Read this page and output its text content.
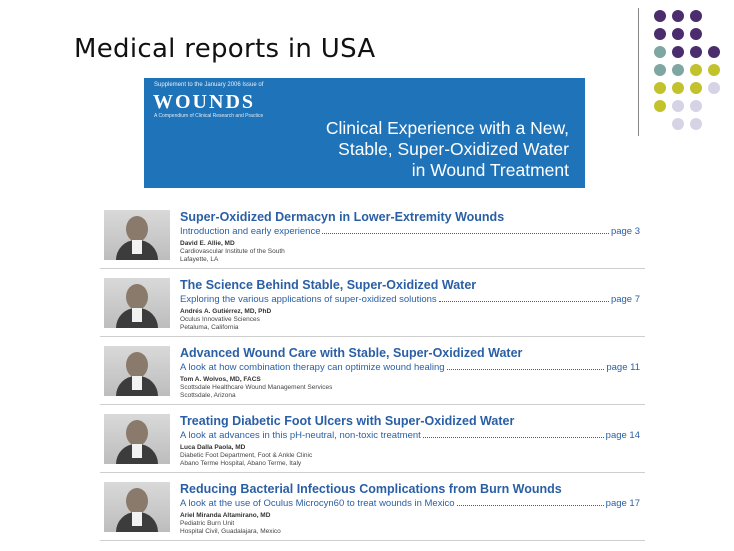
Medical reports in USA
Supplement to the January 2006 Issue of
WOUNDS
A Compendium of Clinical Research and Practice
Clinical Experience with a New,
Stable, Super-Oxidized Water
in Wound Treatment
Super-Oxidized Dermacyn in Lower-Extremity Wounds
Introduction and early experience	page 3
David E. Allie, MD
Cardiovascular Institute of the South
Lafayette, LA
The Science Behind Stable, Super-Oxidized Water
Exploring the various applications of super-oxidized solutions	page 7
Andrés A. Gutiérrez, MD, PhD
Oculus Innovative Sciences
Petaluma, California
Advanced Wound Care with Stable, Super-Oxidized Water
A look at how combination therapy can optimize wound healing	page 11
Tom A. Wolvos, MD, FACS
Scottsdale Healthcare Wound Management Services
Scottsdale, Arizona
Treating Diabetic Foot Ulcers with Super-Oxidized Water
A look at advances in this pH-neutral, non-toxic treatment	page 14
Luca Dalla Paola, MD
Diabetic Foot Department, Foot & Ankle Clinic
Abano Terme Hospital, Abano Terme, Italy
Reducing Bacterial Infectious Complications from Burn Wounds
A look at the use of Oculus Microcyn60 to treat wounds in Mexico	page 17
Ariel Miranda Altamirano, MD
Pediatric Burn Unit
Hospital Civil, Guadalajara, Mexico
